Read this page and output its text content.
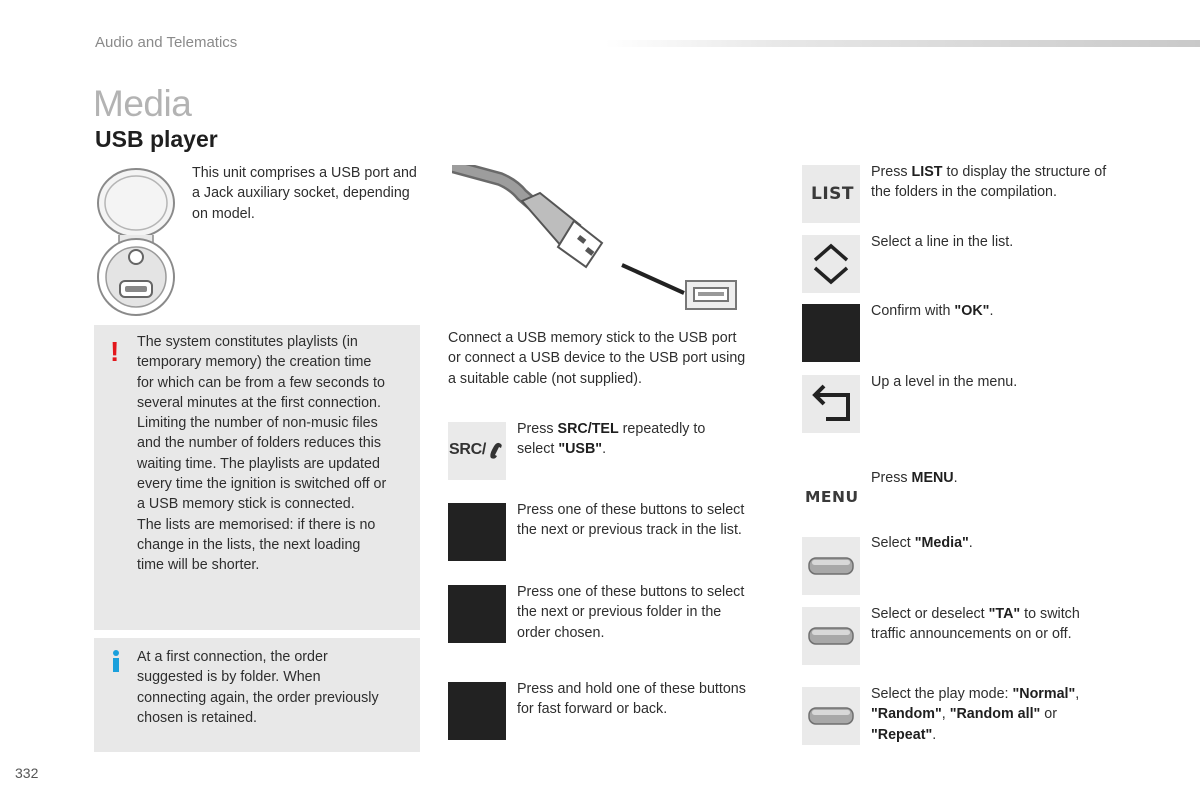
Audio and Telematics
Media
USB player
This unit comprises a USB port and a Jack auxiliary socket, depending on model.
! The system constitutes playlists (in
temporary memory) the creation time
for which can be from a few seconds to
several minutes at the first connection.
Limiting the number of non-music files
and the number of folders reduces this
waiting time. The playlists are updated
every time the ignition is switched off or
a USB memory stick is connected.
The lists are memorised: if there is no
change in the lists, the next loading
time will be shorter.
At a first connection, the order
suggested is by folder. When
connecting again, the order previously
chosen is retained.
Connect a USB memory stick to the USB port
or connect a USB device to the USB port using
a suitable cable (not supplied).
SRC/
Press SRC/TEL repeatedly to
select "USB".
Press one of these buttons to select
the next or previous track in the list.
Press one of these buttons to select
the next or previous folder in the
order chosen.
Press and hold one of these buttons
for fast forward or back.
LIST
Press LIST to display the structure of
the folders in the compilation.
Select a line in the list.
Confirm with "OK".
Up a level in the menu.
MENU
Press MENU.
Select "Media".
Select or deselect "TA" to switch
traffic announcements on or off.
Select the play mode: "Normal",
"Random", "Random all" or
"Repeat".
332
